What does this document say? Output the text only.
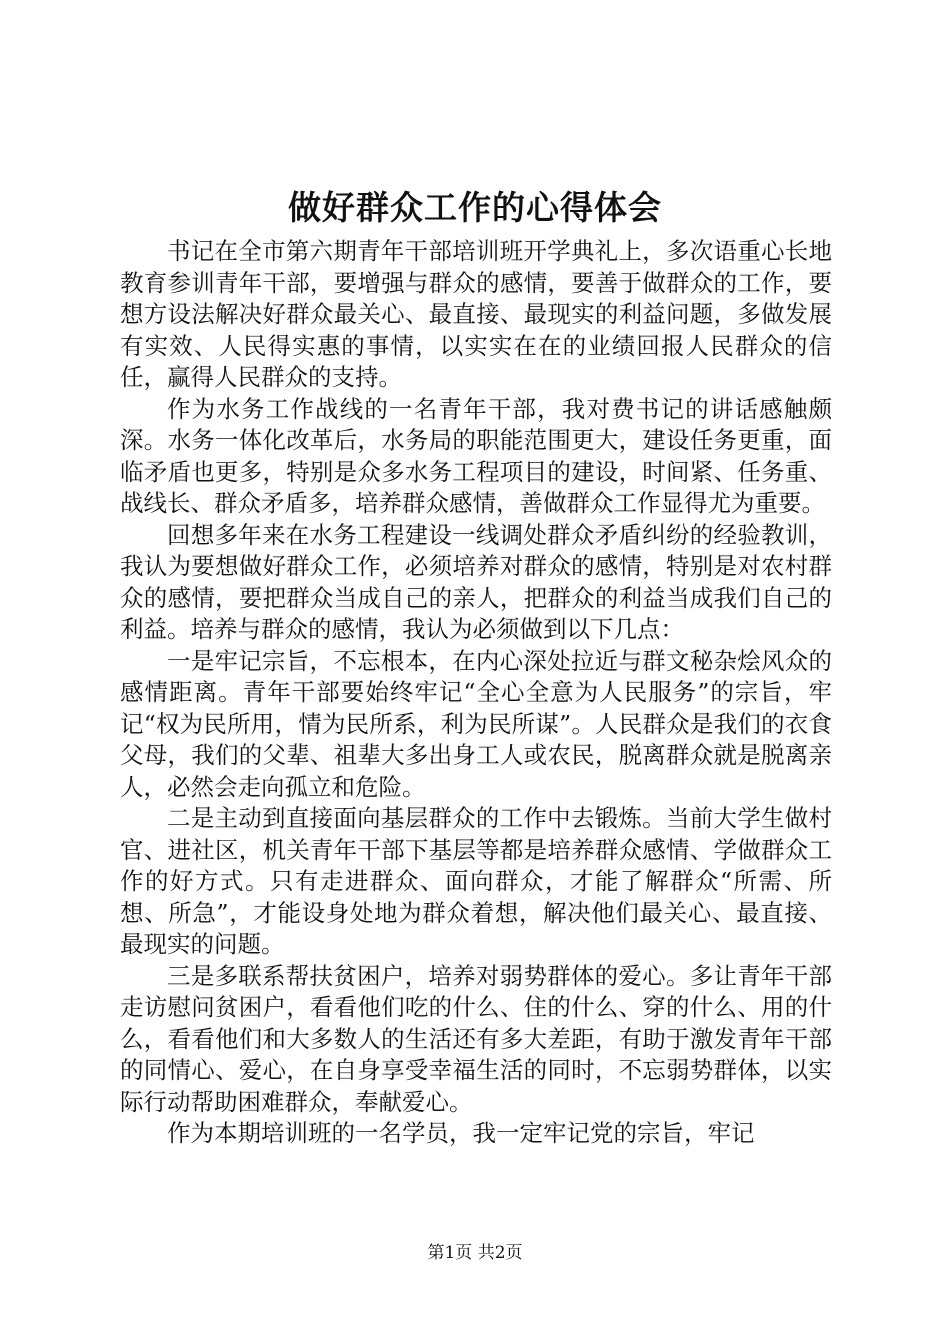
做好群众工作的心得体会

书记在全市第六期青年干部培训班开学典礼上，多次语重心长地教育参训青年干部，要增强与群众的感情，要善于做群众的工作，要想方设法解决好群众最关心、最直接、最现实的利益问题，多做发展有实效、人民得实惠的事情，以实实在在的业绩回报人民群众的信任，赢得人民群众的支持。

作为水务工作战线的一名青年干部，我对费书记的讲话感触颇深。水务一体化改革后，水务局的职能范围更大，建设任务更重，面临矛盾也更多，特别是众多水务工程项目的建设，时间紧、任务重、战线长、群众矛盾多，培养群众感情，善做群众工作显得尤为重要。

回想多年来在水务工程建设一线调处群众矛盾纠纷的经验教训，我认为要想做好群众工作，必须培养对群众的感情，特别是对农村群众的感情，要把群众当成自己的亲人，把群众的利益当成我们自己的利益。培养与群众的感情，我认为必须做到以下几点：

一是牢记宗旨，不忘根本，在内心深处拉近与群文秘杂烩风众的感情距离。青年干部要始终牢记“全心全意为人民服务”的宗旨，牢记“权为民所用，情为民所系，利为民所谋”。人民群众是我们的衣食父母，我们的父辈、祖辈大多出身工人或农民，脱离群众就是脱离亲人，必然会走向孤立和危险。

二是主动到直接面向基层群众的工作中去锻炼。当前大学生做村官、进社区，机关青年干部下基层等都是培养群众感情、学做群众工作的好方式。只有走进群众、面向群众，才能了解群众“所需、所想、所急”，才能设身处地为群众着想，解决他们最关心、最直接、最现实的问题。

三是多联系帮扶贫困户，培养对弱势群体的爱心。多让青年干部走访慰问贫困户，看看他们吃的什么、住的什么、穿的什么、用的什么，看看他们和大多数人的生活还有多大差距，有助于激发青年干部的同情心、爱心，在自身享受幸福生活的同时，不忘弱势群体，以实际行动帮助困难群众，奉献爱心。

作为本期培训班的一名学员，我一定牢记党的宗旨，牢记

第1页 共2页
